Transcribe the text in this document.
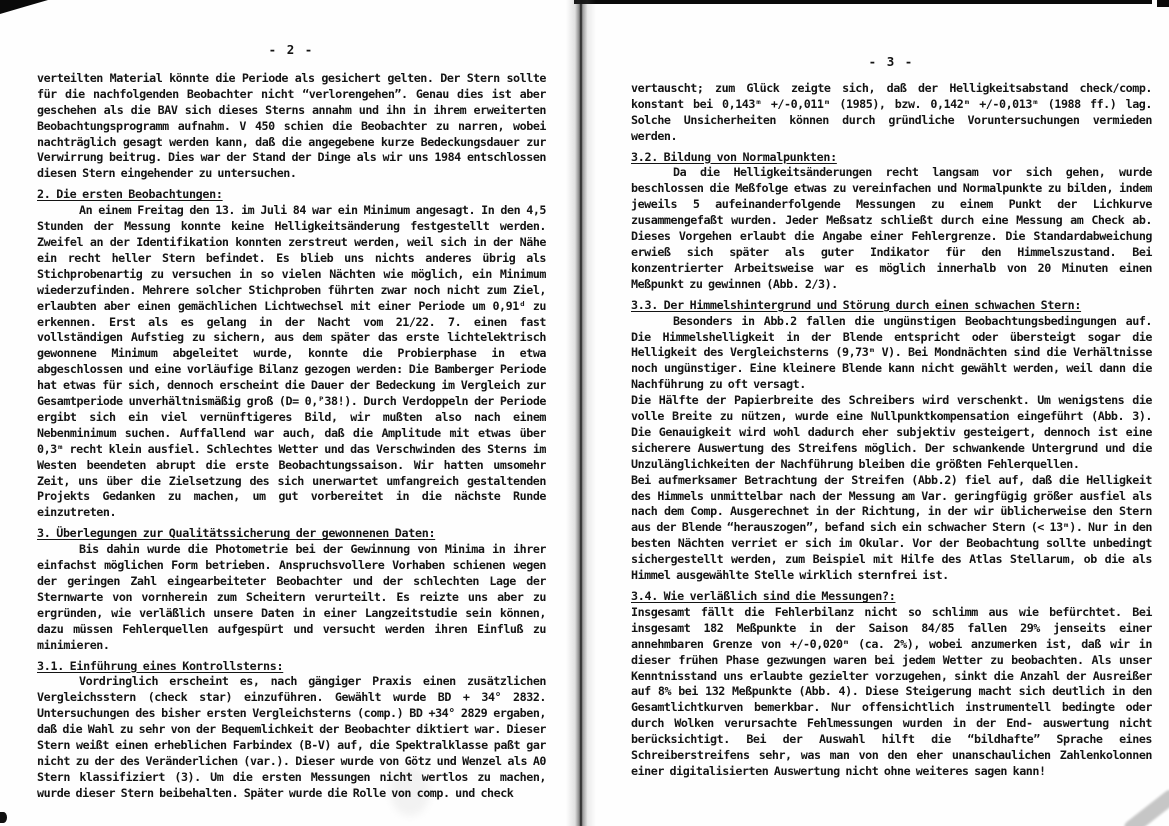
- 2 -

verteilten Material könnte die Periode als gesichert gelten. Der Stern sollte für die nachfolgenden Beobachter nicht “verlorengehen”. Genau dies ist aber geschehen als die BAV sich dieses Sterns annahm und ihn in ihrem erweiterten Beobachtungsprogramm aufnahm. V 450 schien die Beobachter zu narren, wobei nachträglich gesagt werden kann, daß die angegebene kurze Bedeckungsdauer zur Verwirrung beitrug. Dies war der Stand der Dinge als wir uns 1984 entschlossen diesen Stern eingehender zu untersuchen.

2. Die ersten Beobachtungen:

An einem Freitag den 13. im Juli 84 war ein Minimum angesagt. In den 4,5 Stunden der Messung konnte keine Helligkeitsänderung festgestellt werden. Zweifel an der Identifikation konnten zerstreut werden, weil sich in der Nähe ein recht heller Stern befindet. Es blieb uns nichts anderes übrig als Stichprobenartig zu versuchen in so vielen Nächten wie möglich, ein Minimum wiederzufinden. Mehrere solcher Stichproben führten zwar noch nicht zum Ziel, erlaubten aber einen gemächlichen Lichtwechsel mit einer Periode um 0,91ᵈ zu erkennen. Erst als es gelang in der Nacht vom 21/22. 7. einen fast vollständigen Aufstieg zu sichern, aus dem später das erste lichtelektrisch gewonnene Minimum abgeleitet wurde, konnte die Probierphase in etwa abgeschlossen und eine vorläufige Bilanz gezogen werden: Die Bamberger Periode hat etwas für sich, dennoch erscheint die Dauer der Bedeckung im Vergleich zur Gesamtperiode unverhältnismäßig groß (D= 0,ᴾ38!). Durch Verdoppeln der Periode ergibt sich ein viel vernünftigeres Bild, wir mußten also nach einem Nebenminimum suchen. Auffallend war auch, daß die Amplitude mit etwas über 0,3ᵐ recht klein ausfiel. Schlechtes Wetter und das Verschwinden des Sterns im Westen beendeten abrupt die erste Beobachtungssaison. Wir hatten umsomehr Zeit, uns über die Zielsetzung des sich unerwartet umfangreich gestaltenden Projekts Gedanken zu machen, um gut vorbereitet in die nächste Runde einzutreten.

3. Überlegungen zur Qualitätssicherung der gewonnenen Daten:

Bis dahin wurde die Photometrie bei der Gewinnung von Minima in ihrer einfachst möglichen Form betrieben. Anspruchsvollere Vorhaben schienen wegen der geringen Zahl eingearbeiteter Beobachter und der schlechten Lage der Sternwarte von vornherein zum Scheitern verurteilt. Es reizte uns aber zu ergründen, wie verläßlich unsere Daten in einer Langzeitstudie sein können, dazu müssen Fehlerquellen aufgespürt und versucht werden ihren Einfluß zu minimieren.

3.1. Einführung eines Kontrollsterns:

Vordringlich erscheint es, nach gängiger Praxis einen zusätzlichen Vergleichsstern (check star) einzuführen. Gewählt wurde BD + 34° 2832. Untersuchungen des bisher ersten Vergleichsterns (comp.) BD +34° 2829 ergaben, daß die Wahl zu sehr von der Bequemlichkeit der Beobachter diktiert war. Dieser Stern weißt einen erheblichen Farbindex (B-V) auf, die Spektralklasse paßt gar nicht zu der des Veränderlichen (var.). Dieser wurde von Götz und Wenzel als A0 Stern klassifiziert (3). Um die ersten Messungen nicht wertlos zu machen, wurde dieser Stern beibehalten. Später wurde die Rolle von comp. und check

- 3 -

vertauscht; zum Glück zeigte sich, daß der Helligkeitsabstand check/comp. konstant bei 0,143ᵐ +/-0,011ᵐ (1985), bzw. 0,142ᵐ +/-0,013ᵐ (1988 ff.) lag. Solche Unsicherheiten können durch gründliche Voruntersuchungen vermieden werden.

3.2. Bildung von Normalpunkten:

Da die Helligkeitsänderungen recht langsam vor sich gehen, wurde beschlossen die Meßfolge etwas zu vereinfachen und Normalpunkte zu bilden, indem jeweils 5 aufeinanderfolgende Messungen zu einem Punkt der Lichkurve zusammengefaßt wurden. Jeder Meßsatz schließt durch eine Messung am Check ab. Dieses Vorgehen erlaubt die Angabe einer Fehlergrenze. Die Standardabweichung erwieß sich später als guter Indikator für den Himmelszustand. Bei konzentrierter Arbeitsweise war es möglich innerhalb von 20 Minuten einen Meßpunkt zu gewinnen (Abb. 2/3).

3.3. Der Himmelshintergrund und Störung durch einen schwachen Stern:

Besonders in Abb.2 fallen die ungünstigen Beobachtungsbedingungen auf. Die Himmelshelligkeit in der Blende entspricht oder übersteigt sogar die Helligkeit des Vergleichsterns (9,73ᵐ V). Bei Mondnächten sind die Verhältnisse noch ungünstiger. Eine kleinere Blende kann nicht gewählt werden, weil dann die Nachführung zu oft versagt.

Die Hälfte der Papierbreite des Schreibers wird verschenkt. Um wenigstens die volle Breite zu nützen, wurde eine Nullpunktkompensation eingeführt (Abb. 3). Die Genauigkeit wird wohl dadurch eher subjektiv gesteigert, dennoch ist eine sicherere Auswertung des Streifens möglich. Der schwankende Untergrund und die Unzulänglichkeiten der Nachführung bleiben die größten Fehlerquellen.

Bei aufmerksamer Betrachtung der Streifen (Abb.2) fiel auf, daß die Helligkeit des Himmels unmittelbar nach der Messung am Var. geringfügig größer ausfiel als nach dem Comp. Ausgerechnet in der Richtung, in der wir üblicherweise den Stern aus der Blende “herauszogen”, befand sich ein schwacher Stern (< 13ᵐ). Nur in den besten Nächten verriet er sich im Okular. Vor der Beobachtung sollte unbedingt sichergestellt werden, zum Beispiel mit Hilfe des Atlas Stellarum, ob die als Himmel ausgewählte Stelle wirklich sternfrei ist.

3.4. Wie verläßlich sind die Messungen?:

Insgesamt fällt die Fehlerbilanz nicht so schlimm aus wie befürchtet. Bei insgesamt 182 Meßpunkte in der Saison 84/85 fallen 29% jenseits einer annehmbaren Grenze von +/-0,020ᵐ (ca. 2%), wobei anzumerken ist, daß wir in dieser frühen Phase gezwungen waren bei jedem Wetter zu beobachten. Als unser Kenntnisstand uns erlaubte gezielter vorzugehen, sinkt die Anzahl der Ausreißer auf 8% bei 132 Meßpunkte (Abb. 4). Diese Steigerung macht sich deutlich in den Gesamtlichtkurven bemerkbar. Nur offensichtlich instrumentell bedingte oder durch Wolken verursachte Fehlmessungen wurden in der End- auswertung nicht berücksichtigt. Bei der Auswahl hilft die “bildhafte” Sprache eines Schreiberstreifens sehr, was man von den eher unanschaulichen Zahlenkolonnen einer digitalisierten Auswertung nicht ohne weiteres sagen kann!
